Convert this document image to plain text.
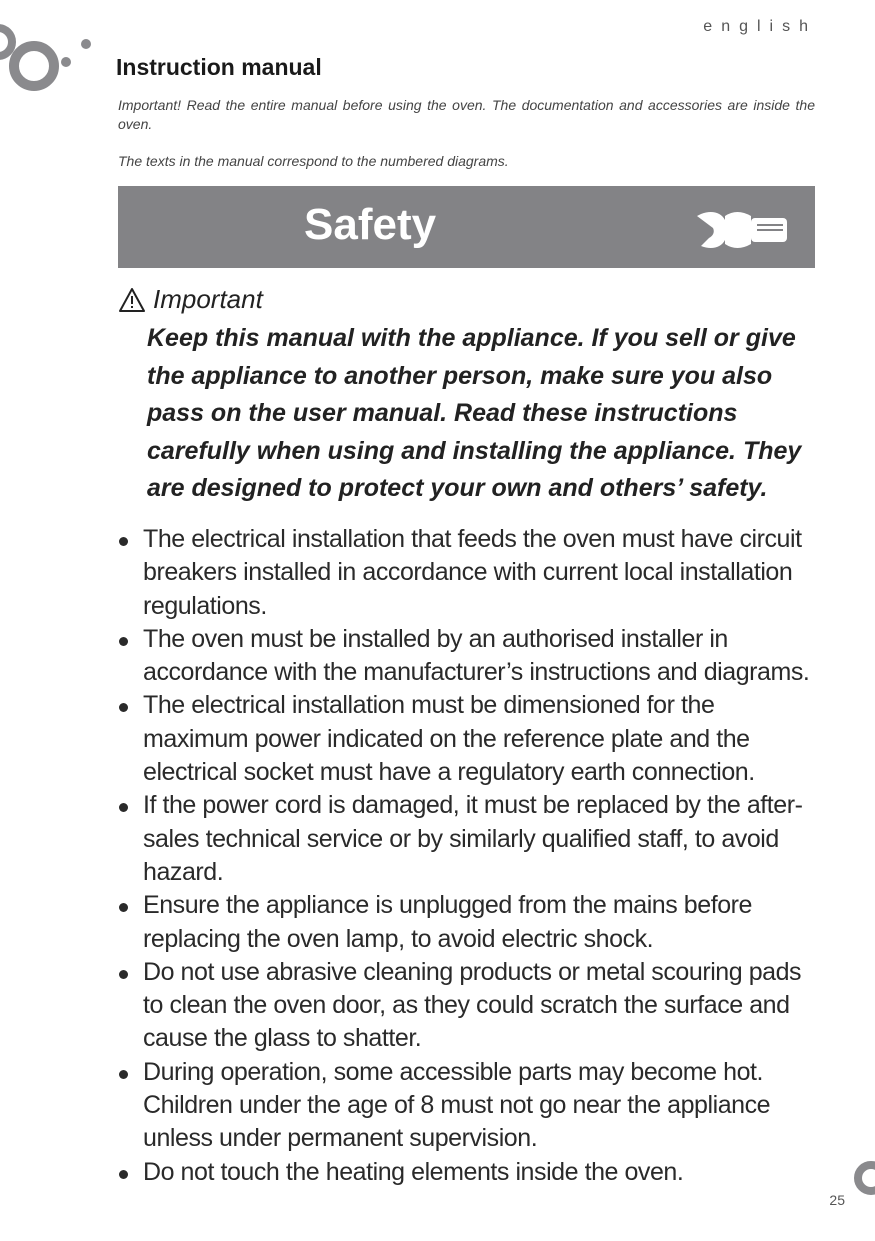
english
Instruction manual

Important! Read the entire manual before using the oven. The documentation and accessories are inside the oven.

The texts in the manual correspond to the numbered diagrams.

Safety
Important

Keep this manual with the appliance. If you sell or give the appliance to another person, make sure you also pass on the user manual. Read these instructions carefully when using and installing the appliance. They are designed to protect your own and others’ safety.

The electrical installation that feeds the oven must have circuit breakers installed in accordance with current local installation regulations.
The oven must be installed by an authorised installer in accordance with the manufacturer’s instructions and diagrams.
The electrical installation must be dimensioned for the maximum power indicated on the reference plate and the electrical socket must have a regulatory earth connection.
If the power cord is damaged, it must be replaced by the after-sales technical service or by similarly qualified staff, to avoid hazard.
Ensure the appliance is unplugged from the mains before replacing the oven lamp, to avoid electric shock.
Do not use abrasive cleaning products or metal scouring pads to clean the oven door, as they could scratch the surface and cause the glass to shatter.
During operation, some accessible parts may become hot. Children under the age of 8 must not go near the appliance unless under permanent supervision.
Do not touch the heating elements inside the oven.
25
